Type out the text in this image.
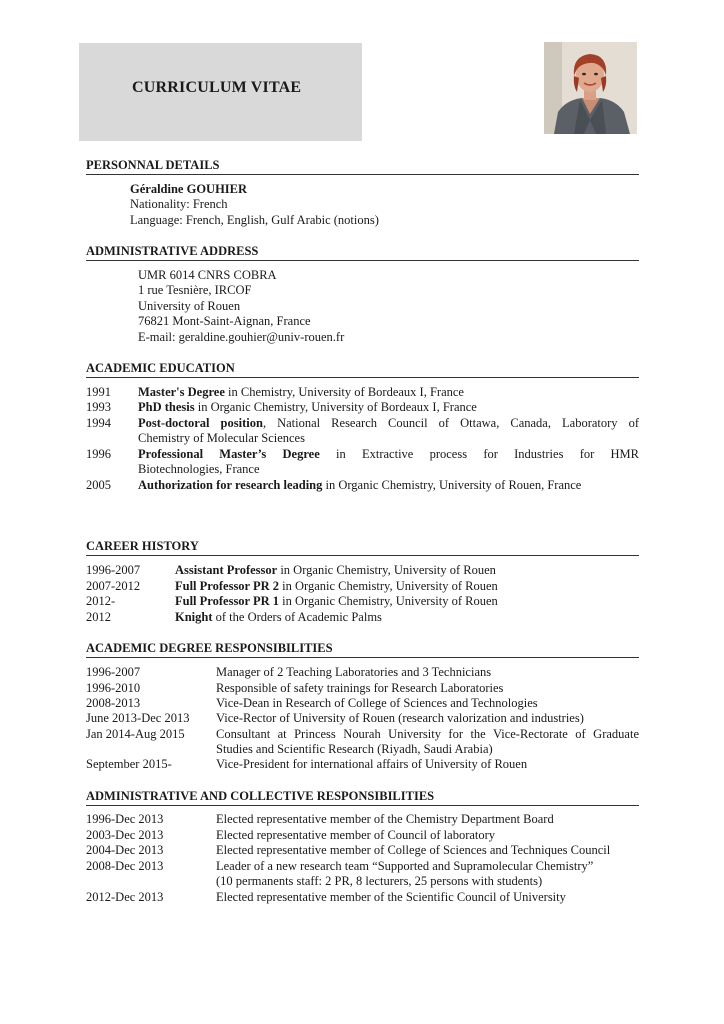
CURRICULUM VITAE
PERSONNAL DETAILS
Géraldine GOUHIER
Nationality: French
Language: French, English, Gulf Arabic (notions)
ADMINISTRATIVE ADDRESS
UMR 6014 CNRS COBRA
1 rue Tesnière, IRCOF
University of Rouen
76821 Mont-Saint-Aignan, France
E-mail: geraldine.gouhier@univ-rouen.fr
ACADEMIC EDUCATION
1991 Master's Degree in Chemistry, University of Bordeaux I, France
1993 PhD thesis in Organic Chemistry, University of Bordeaux I, France
1994 Post-doctoral position, National Research Council of Ottawa, Canada, Laboratory of
Chemistry of Molecular Sciences
1996 Professional Master’s Degree in Extractive process for Industries for HMR
Biotechnologies, France
2005 Authorization for research leading in Organic Chemistry, University of Rouen, France
CAREER HISTORY
1996-2007	Assistant Professor in Organic Chemistry, University of Rouen
2007-2012	Full Professor PR 2 in Organic Chemistry, University of Rouen
2012-	Full Professor PR 1 in Organic Chemistry, University of Rouen
2012	Knight of the Orders of Academic Palms
ACADEMIC DEGREE RESPONSIBILITIES
1996-2007	Manager of 2 Teaching Laboratories and 3 Technicians
1996-2010	Responsible of safety trainings for Research Laboratories
2008-2013	Vice-Dean in Research of College of Sciences and Technologies
June 2013-Dec 2013 Vice-Rector of University of Rouen (research valorization and industries)
Jan 2014-Aug 2015	Consultant at Princess Nourah University for the Vice-Rectorate of Graduate
Studies and Scientific Research (Riyadh, Saudi Arabia)
September 2015-	Vice-President for international affairs of University of Rouen
ADMINISTRATIVE AND COLLECTIVE RESPONSIBILITIES
1996-Dec 2013	Elected representative member of the Chemistry Department Board
2003-Dec 2013	Elected representative member of Council of laboratory
2004-Dec 2013	Elected representative member of College of Sciences and Techniques Council
2008-Dec 2013	Leader of a new research team “Supported and Supramolecular Chemistry”
(10 permanents staff: 2 PR, 8 lecturers, 25 persons with students)
2012-Dec 2013	Elected representative member of the Scientific Council of University
